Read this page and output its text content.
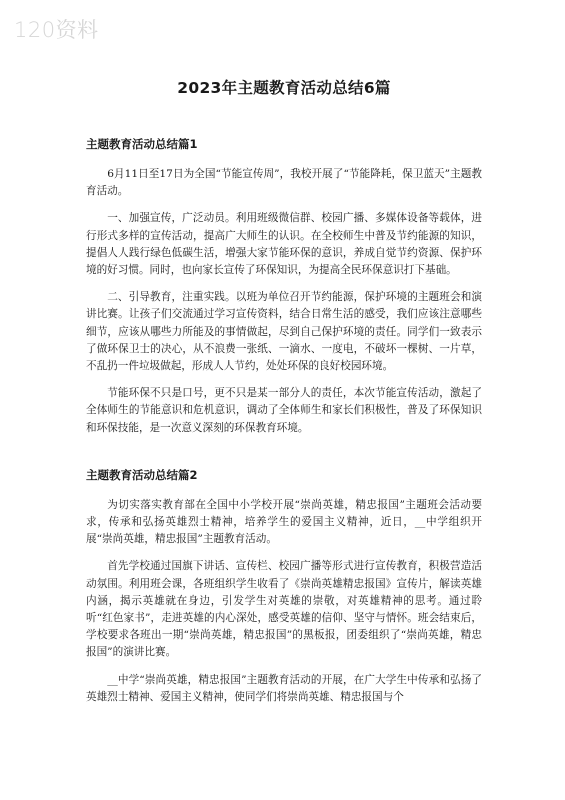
120资料
2023年主题教育活动总结6篇
主题教育活动总结篇1

6月11日至17日为全国“节能宣传周”，我校开展了“节能降耗，保卫蓝天”主题教育活动。

一、加强宣传，广泛动员。利用班级微信群、校园广播、多媒体设备等载体，进行形式多样的宣传活动，提高广大师生的认识。在全校师生中普及节约能源的知识，提倡人人践行绿色低碳生活，增强大家节能环保的意识，养成自觉节约资源、保护环境的好习惯。同时，也向家长宣传了环保知识，为提高全民环保意识打下基础。

二、引导教育，注重实践。以班为单位召开节约能源，保护环境的主题班会和演讲比赛。让孩子们交流通过学习宣传资料，结合日常生活的感受，我们应该注意哪些细节，应该从哪些力所能及的事情做起，尽到自己保护环境的责任。同学们一致表示了做环保卫士的决心，从不浪费一张纸、一滴水、一度电，不破坏一棵树、一片草，不乱扔一件垃圾做起，形成人人节约，处处环保的良好校园环境。

节能环保不只是口号，更不只是某一部分人的责任，本次节能宣传活动，激起了全体师生的节能意识和危机意识，调动了全体师生和家长们积极性，普及了环保知识和环保技能，是一次意义深刻的环保教育环境。

主题教育活动总结篇2

为切实落实教育部在全国中小学校开展“崇尚英雄，精忠报国”主题班会活动要求，传承和弘扬英雄烈士精神，培养学生的爱国主义精神，近日，__中学组织开展“崇尚英雄，精忠报国”主题教育活动。

首先学校通过国旗下讲话、宣传栏、校园广播等形式进行宣传教育，积极营造活动氛围。利用班会课，各班组织学生收看了《崇尚英雄精忠报国》宣传片，解读英雄内涵，揭示英雄就在身边，引发学生对英雄的崇敬，对英雄精神的思考。通过聆听“红色家书”，走进英雄的内心深处，感受英雄的信仰、坚守与情怀。班会结束后，学校要求各班出一期“崇尚英雄，精忠报国”的黑板报，团委组织了“崇尚英雄，精忠报国”的演讲比赛。

__中学“崇尚英雄，精忠报国”主题教育活动的开展，在广大学生中传承和弘扬了英雄烈士精神、爱国主义精神，使同学们将崇尚英雄、精忠报国与个
